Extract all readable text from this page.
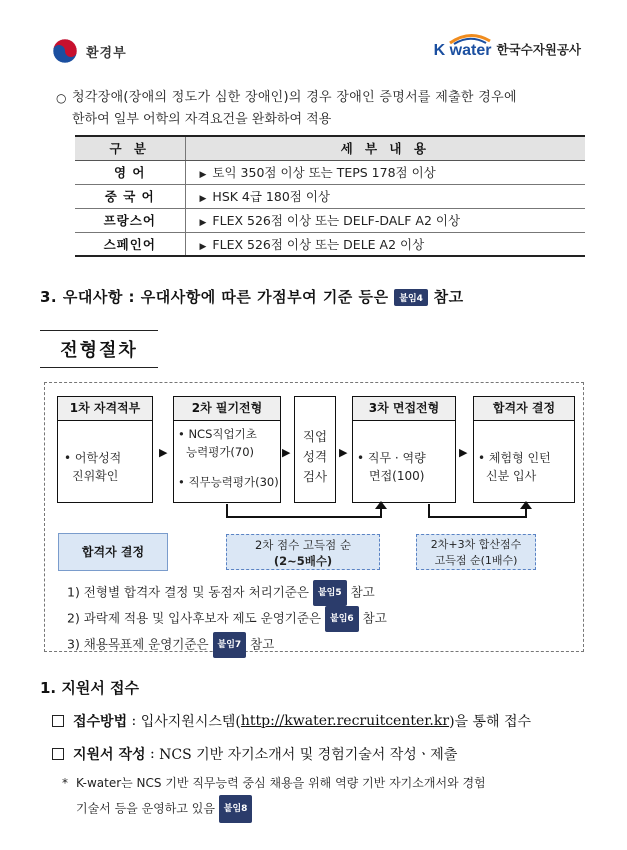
환경부	K water 한국수자원공사
○ 청각장애(장애의 정도가 심한 장애인)의 경우 장애인 증명서를 제출한 경우에
한하여 일부 어학의 자격요건을 완화하여 적용
구 분	세 부 내 용
영 어	▶ 토익 350점 이상 또는 TEPS 178점 이상
중 국 어	▶ HSK 4급 180점 이상
프랑스어	▶ FLEX 526점 이상 또는 DELF-DALF A2 이상
스페인어	▶ FLEX 526점 이상 또는 DELE A2 이상
3. 우대사항 : 우대사항에 따른 가점부여 기준 등은 붙임4 참고
전형절차
1차 자격적부
• 어학성적
진위확인
▶
2차 필기전형
• NCS직업기초
능력평가(70)
• 직무능력평가(30)
▶
직업
성격
검사
▶
3차 면접전형
• 직무 · 역량
면접(100)
▶
합격자 결정
• 체험형 인턴
신분 입사
2차 점수 고득점 순
(2~5배수)
2차+3차 합산점수
고득점 순(1배수)
합격자 결정
1) 전형별 합격자 결정 및 동점자 처리기준은 붙임5 참고
2) 과락제 적용 및 입사후보자 제도 운영기준은 붙임6 참고
3) 채용목표제 운영기준은 붙임7 참고
1. 지원서 접수
접수방법 : 입사지원시스템( http://kwater.recruitcenter.kr )을 통해 접수
지원서 작성 : NCS 기반 자기소개서 및 경험기술서 작성ㆍ제출
* K-water는 NCS 기반 직무능력 중심 채용을 위해 역량 기반 자기소개서와 경험
기술서 등을 운영하고 있음 붙임8
